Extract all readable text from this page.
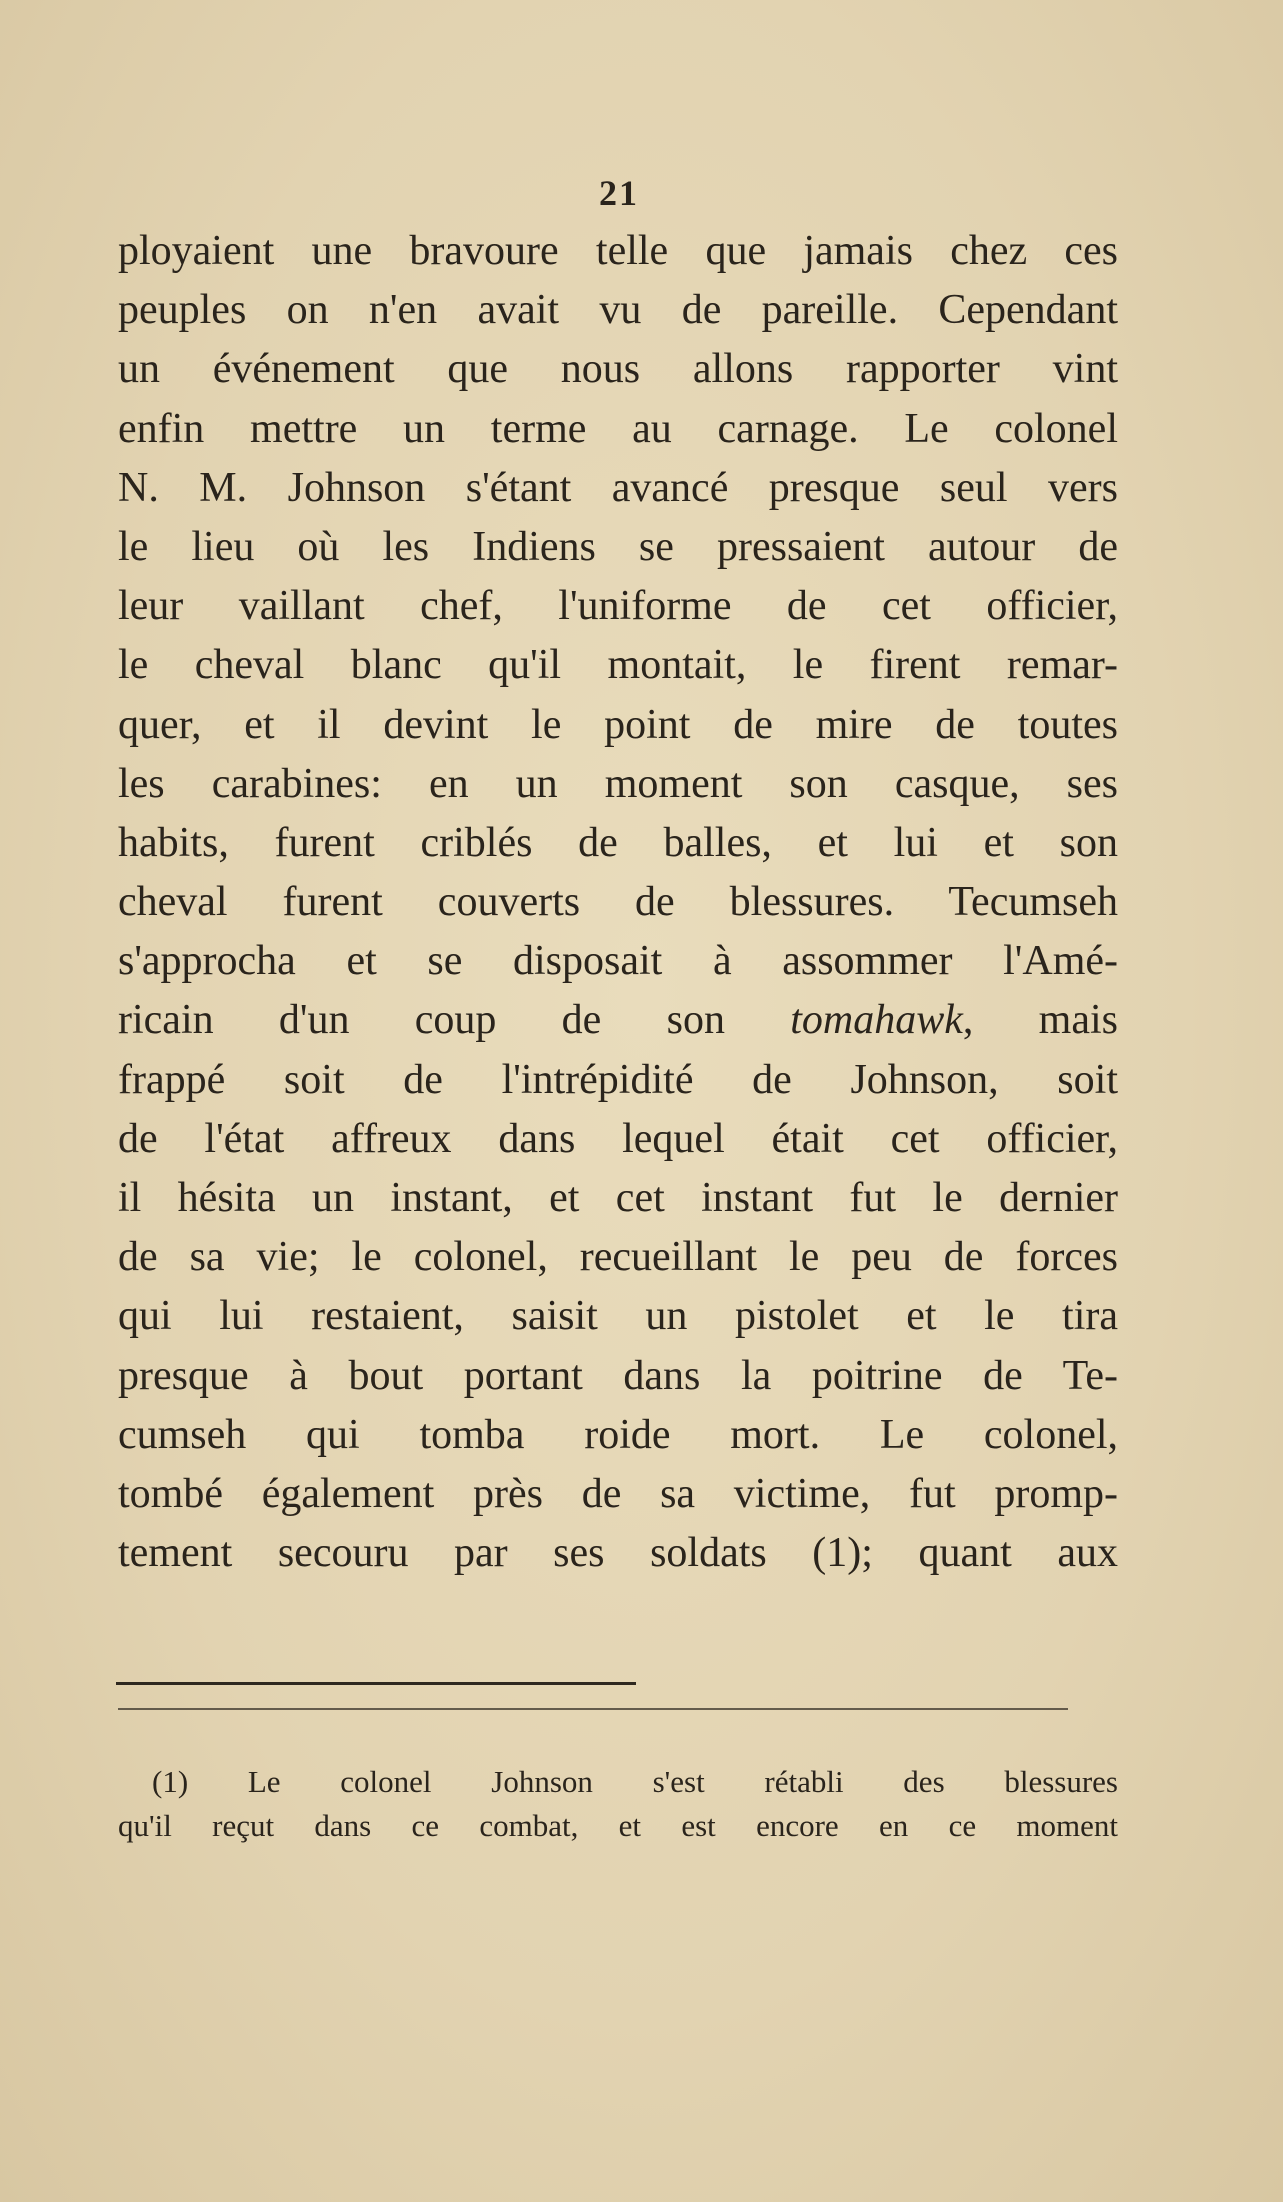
21
ployaient une bravoure telle que jamais chez ces
peuples on n'en avait vu de pareille. Cependant
un événement que nous allons rapporter vint
enfin mettre un terme au carnage. Le colonel
N. M. Johnson s'étant avancé presque seul vers
le lieu où les Indiens se pressaient autour de
leur vaillant chef, l'uniforme de cet officier,
le cheval blanc qu'il montait, le firent remar-
quer, et il devint le point de mire de toutes
les carabines: en un moment son casque, ses
habits, furent criblés de balles, et lui et son
cheval furent couverts de blessures. Tecumseh
s'approcha et se disposait à assommer l'Amé-
ricain d'un coup de son tomahawk, mais
frappé soit de l'intrépidité de Johnson, soit
de l'état affreux dans lequel était cet officier,
il hésita un instant, et cet instant fut le dernier
de sa vie; le colonel, recueillant le peu de forces
qui lui restaient, saisit un pistolet et le tira
presque à bout portant dans la poitrine de Te-
cumseh qui tomba roide mort. Le colonel,
tombé également près de sa victime, fut promp-
tement secouru par ses soldats (1); quant aux
(1) Le colonel Johnson s'est rétabli des blessures
qu'il reçut dans ce combat, et est encore en ce moment
